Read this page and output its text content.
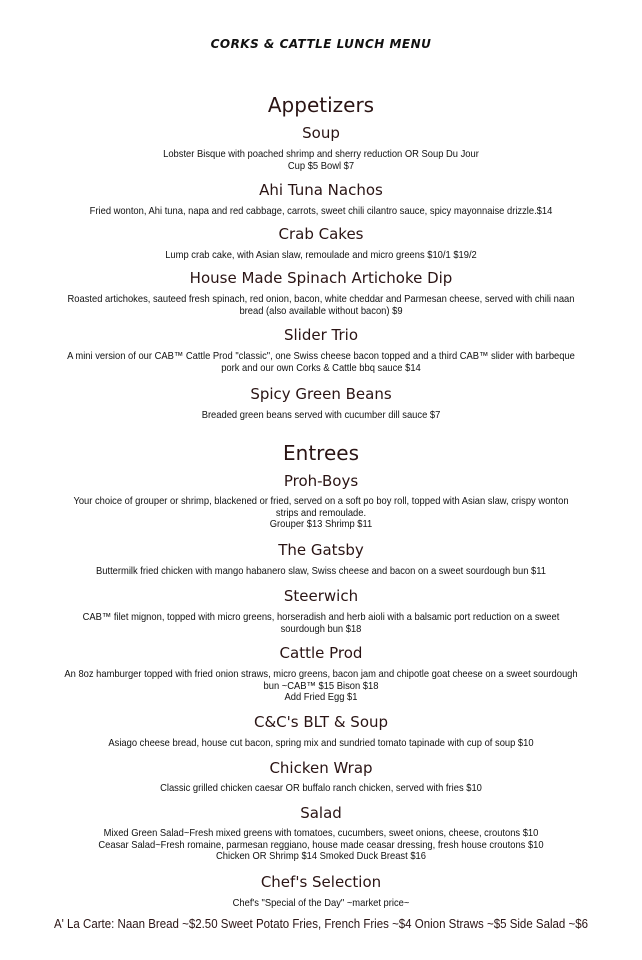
CORKS & CATTLE LUNCH MENU
Appetizers
Soup
Lobster Bisque with poached shrimp and sherry reduction OR Soup Du Jour
Cup $5 Bowl $7
Ahi Tuna Nachos
Fried wonton, Ahi tuna, napa and red cabbage, carrots, sweet chili cilantro sauce, spicy mayonnaise drizzle.$14
Crab Cakes
Lump crab cake, with Asian slaw, remoulade and micro greens $10/1 $19/2
House Made Spinach Artichoke Dip
Roasted artichokes, sauteed fresh spinach, red onion, bacon, white cheddar and Parmesan cheese, served with chili naan
bread (also available without bacon) $9
Slider Trio
A mini version of our CAB™ Cattle Prod "classic", one Swiss cheese bacon topped and a third CAB™ slider with barbeque
pork and our own Corks & Cattle bbq sauce $14
Spicy Green Beans
Breaded green beans served with cucumber dill sauce $7
Entrees
Proh-Boys
Your choice of grouper or shrimp, blackened or fried, served on a soft po boy roll, topped with Asian slaw, crispy wonton
strips and remoulade.
Grouper $13 Shrimp $11
The Gatsby
Buttermilk fried chicken with mango habanero slaw, Swiss cheese and bacon on a sweet sourdough bun $11
Steerwich
CAB™ filet mignon, topped with micro greens, horseradish and herb aioli with a balsamic port reduction on a sweet
sourdough bun $18
Cattle Prod
An 8oz hamburger topped with fried onion straws, micro greens, bacon jam and chipotle goat cheese on a sweet sourdough
bun ~CAB™ $15 Bison $18
Add Fried Egg $1
C&C's BLT & Soup
Asiago cheese bread, house cut bacon, spring mix and sundried tomato tapinade with cup of soup $10
Chicken Wrap
Classic grilled chicken caesar OR buffalo ranch chicken, served with fries $10
Salad
Mixed Green Salad~Fresh mixed greens with tomatoes, cucumbers, sweet onions, cheese, croutons $10
Ceasar Salad~Fresh romaine, parmesan reggiano, house made ceasar dressing, fresh house croutons $10
Chicken OR Shrimp $14 Smoked Duck Breast $16
Chef's Selection
Chef's "Special of the Day" ~market price~
A' La Carte: Naan Bread ~$2.50 Sweet Potato Fries, French Fries ~$4 Onion Straws ~$5 Side Salad ~$6
